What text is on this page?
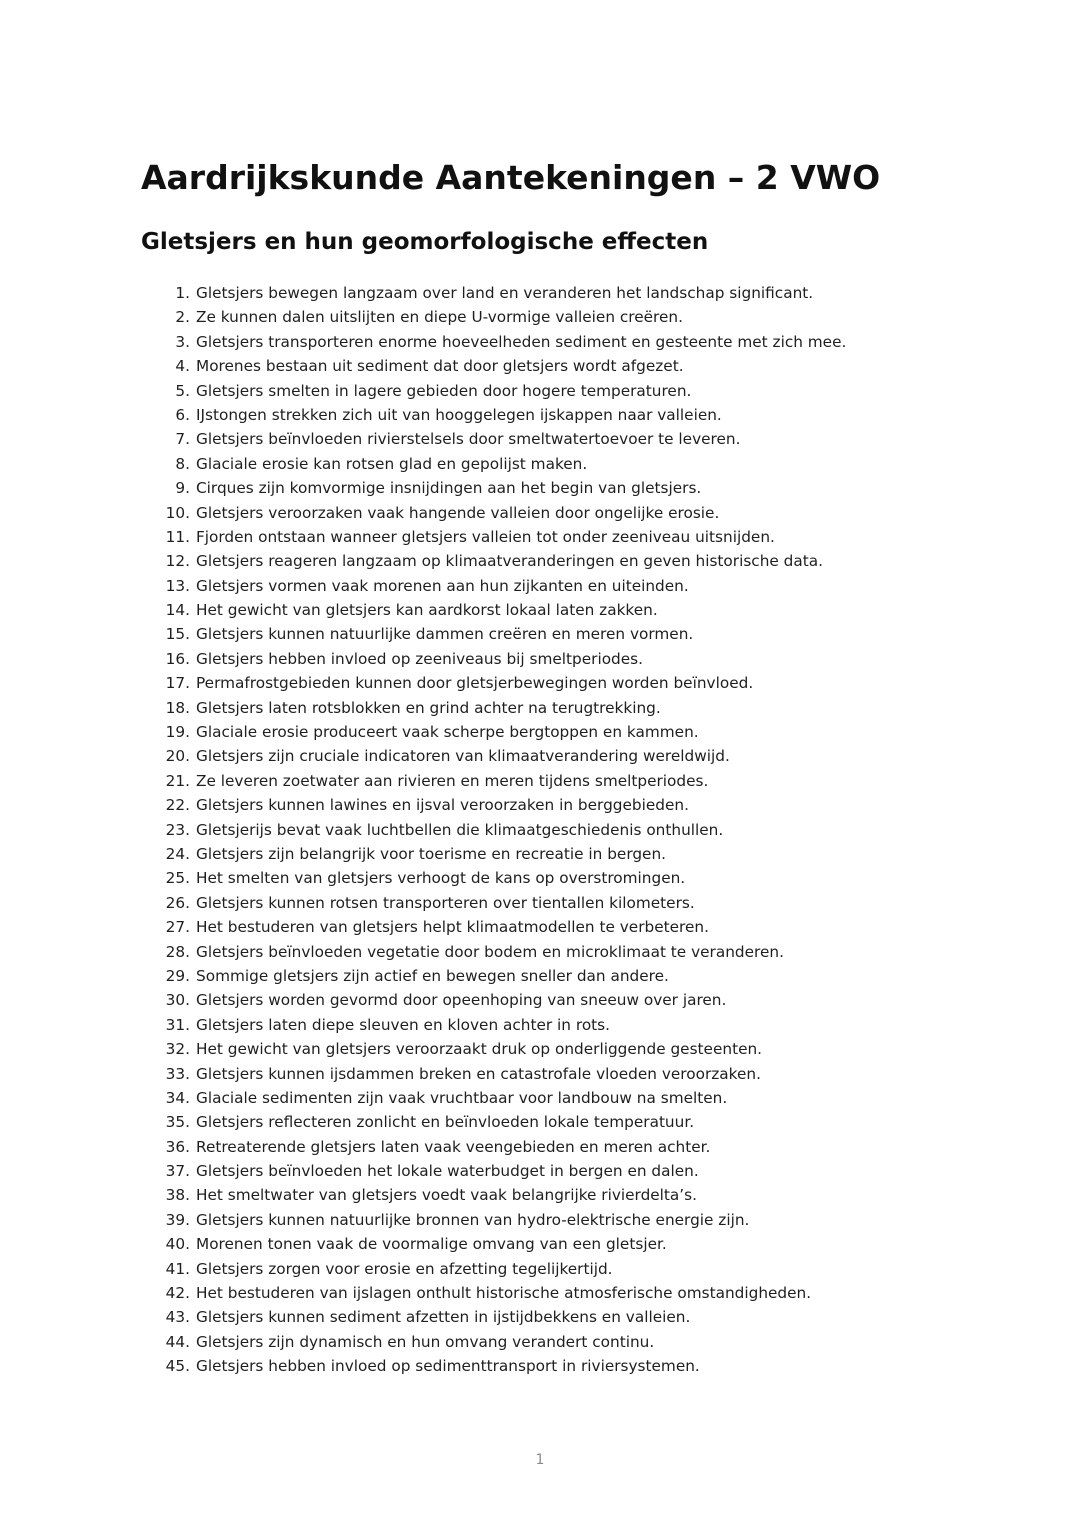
Aardrijkskunde Aantekeningen – 2 VWO
Gletsjers en hun geomorfologische effecten
1. Gletsjers bewegen langzaam over land en veranderen het landschap significant.
2. Ze kunnen dalen uitslijten en diepe U-vormige valleien creëren.
3. Gletsjers transporteren enorme hoeveelheden sediment en gesteente met zich mee.
4. Morenes bestaan uit sediment dat door gletsjers wordt afgezet.
5. Gletsjers smelten in lagere gebieden door hogere temperaturen.
6. IJstongen strekken zich uit van hooggelegen ijskappen naar valleien.
7. Gletsjers beïnvloeden rivierstelsels door smeltwatertoevoer te leveren.
8. Glaciale erosie kan rotsen glad en gepolijst maken.
9. Cirques zijn komvormige insnijdingen aan het begin van gletsjers.
10. Gletsjers veroorzaken vaak hangende valleien door ongelijke erosie.
11. Fjorden ontstaan wanneer gletsjers valleien tot onder zeeniveau uitsnijden.
12. Gletsjers reageren langzaam op klimaatveranderingen en geven historische data.
13. Gletsjers vormen vaak morenen aan hun zijkanten en uiteinden.
14. Het gewicht van gletsjers kan aardkorst lokaal laten zakken.
15. Gletsjers kunnen natuurlijke dammen creëren en meren vormen.
16. Gletsjers hebben invloed op zeeniveaus bij smeltperiodes.
17. Permafrostgebieden kunnen door gletsjerbewegingen worden beïnvloed.
18. Gletsjers laten rotsblokken en grind achter na terugtrekking.
19. Glaciale erosie produceert vaak scherpe bergtoppen en kammen.
20. Gletsjers zijn cruciale indicatoren van klimaatverandering wereldwijd.
21. Ze leveren zoetwater aan rivieren en meren tijdens smeltperiodes.
22. Gletsjers kunnen lawines en ijsval veroorzaken in berggebieden.
23. Gletsjerijs bevat vaak luchtbellen die klimaatgeschiedenis onthullen.
24. Gletsjers zijn belangrijk voor toerisme en recreatie in bergen.
25. Het smelten van gletsjers verhoogt de kans op overstromingen.
26. Gletsjers kunnen rotsen transporteren over tientallen kilometers.
27. Het bestuderen van gletsjers helpt klimaatmodellen te verbeteren.
28. Gletsjers beïnvloeden vegetatie door bodem en microklimaat te veranderen.
29. Sommige gletsjers zijn actief en bewegen sneller dan andere.
30. Gletsjers worden gevormd door opeenhoping van sneeuw over jaren.
31. Gletsjers laten diepe sleuven en kloven achter in rots.
32. Het gewicht van gletsjers veroorzaakt druk op onderliggende gesteenten.
33. Gletsjers kunnen ijsdammen breken en catastrofale vloeden veroorzaken.
34. Glaciale sedimenten zijn vaak vruchtbaar voor landbouw na smelten.
35. Gletsjers reflecteren zonlicht en beïnvloeden lokale temperatuur.
36. Retreaterende gletsjers laten vaak veengebieden en meren achter.
37. Gletsjers beïnvloeden het lokale waterbudget in bergen en dalen.
38. Het smeltwater van gletsjers voedt vaak belangrijke rivierdelta’s.
39. Gletsjers kunnen natuurlijke bronnen van hydro-elektrische energie zijn.
40. Morenen tonen vaak de voormalige omvang van een gletsjer.
41. Gletsjers zorgen voor erosie en afzetting tegelijkertijd.
42. Het bestuderen van ijslagen onthult historische atmosferische omstandigheden.
43. Gletsjers kunnen sediment afzetten in ijstijdbekkens en valleien.
44. Gletsjers zijn dynamisch en hun omvang verandert continu.
45. Gletsjers hebben invloed op sedimenttransport in riviersystemen.
1
